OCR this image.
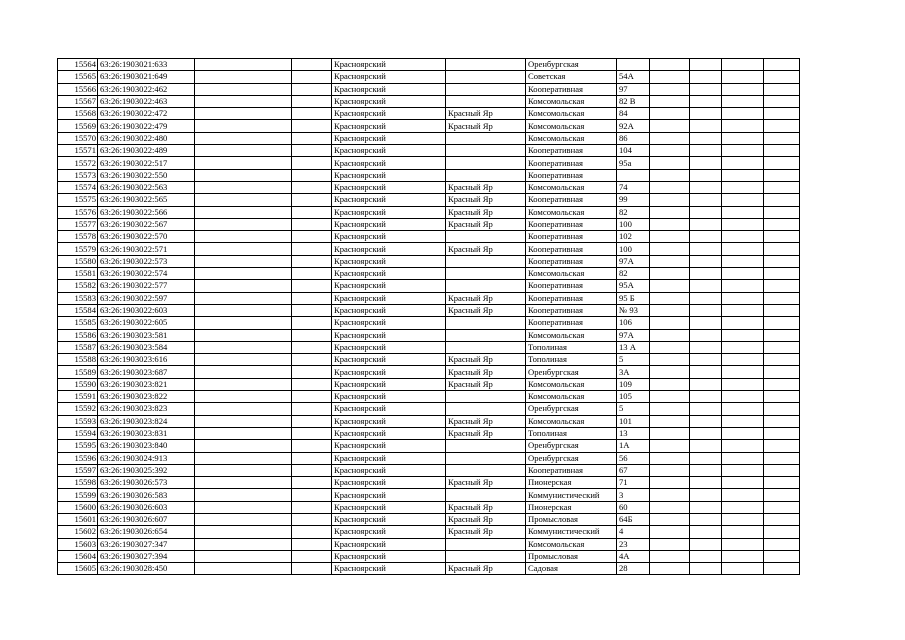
15564	63:26:1903021:633			Красноярский		Оренбургская					
15565	63:26:1903021:649			Красноярский		Советская	54А				
15566	63:26:1903022:462			Красноярский		Кооперативная	97				
15567	63:26:1903022:463			Красноярский		Комсомольская	82 В				
15568	63:26:1903022:472			Красноярский	Красный Яр	Комсомольская	84				
15569	63:26:1903022:479			Красноярский	Красный Яр	Комсомольская	92А				
15570	63:26:1903022:480			Красноярский		Комсомольская	86				
15571	63:26:1903022:489			Красноярский		Кооперативная	104				
15572	63:26:1903022:517			Красноярский		Кооперативная	95а				
15573	63:26:1903022:550			Красноярский		Кооперативная					
15574	63:26:1903022:563			Красноярский	Красный Яр	Комсомольская	74				
15575	63:26:1903022:565			Красноярский	Красный Яр	Кооперативная	99				
15576	63:26:1903022:566			Красноярский	Красный Яр	Комсомольская	82				
15577	63:26:1903022:567			Красноярский	Красный Яр	Кооперативная	100				
15578	63:26:1903022:570			Красноярский		Кооперативная	102				
15579	63:26:1903022:571			Красноярский	Красный Яр	Кооперативная	100				
15580	63:26:1903022:573			Красноярский		Кооперативная	97А				
15581	63:26:1903022:574			Красноярский		Комсомольская	82				
15582	63:26:1903022:577			Красноярский		Кооперативная	95А				
15583	63:26:1903022:597			Красноярский	Красный Яр	Кооперативная	95 Б				
15584	63:26:1903022:603			Красноярский	Красный Яр	Кооперативная	№ 93				
15585	63:26:1903022:605			Красноярский		Кооперативная	106				
15586	63:26:1903023:581			Красноярский		Комсомольская	97А				
15587	63:26:1903023:584			Красноярский		Тополиная	13 А				
15588	63:26:1903023:616			Красноярский	Красный Яр	Тополиная	5				
15589	63:26:1903023:687			Красноярский	Красный Яр	Оренбургская	3А				
15590	63:26:1903023:821			Красноярский	Красный Яр	Комсомольская	109				
15591	63:26:1903023:822			Красноярский		Комсомольская	105				
15592	63:26:1903023:823			Красноярский		Оренбургская	5				
15593	63:26:1903023:824			Красноярский	Красный Яр	Комсомольская	101				
15594	63:26:1903023:831			Красноярский	Красный Яр	Тополиная	13				
15595	63:26:1903023:840			Красноярский		Оренбургская	1А				
15596	63:26:1903024:913			Красноярский		Оренбургская	56				
15597	63:26:1903025:392			Красноярский		Кооперативная	67				
15598	63:26:1903026:573			Красноярский	Красный Яр	Пионерская	71				
15599	63:26:1903026:583			Красноярский		Коммунистический	3				
15600	63:26:1903026:603			Красноярский	Красный Яр	Пионерская	60				
15601	63:26:1903026:607			Красноярский	Красный Яр	Промысловая	64Б				
15602	63:26:1903026:654			Красноярский	Красный Яр	Коммунистический	4				
15603	63:26:1903027:347			Красноярский		Комсомольская	23				
15604	63:26:1903027:394			Красноярский		Промысловая	4А				
15605	63:26:1903028:450			Красноярский	Красный Яр	Садовая	28				
